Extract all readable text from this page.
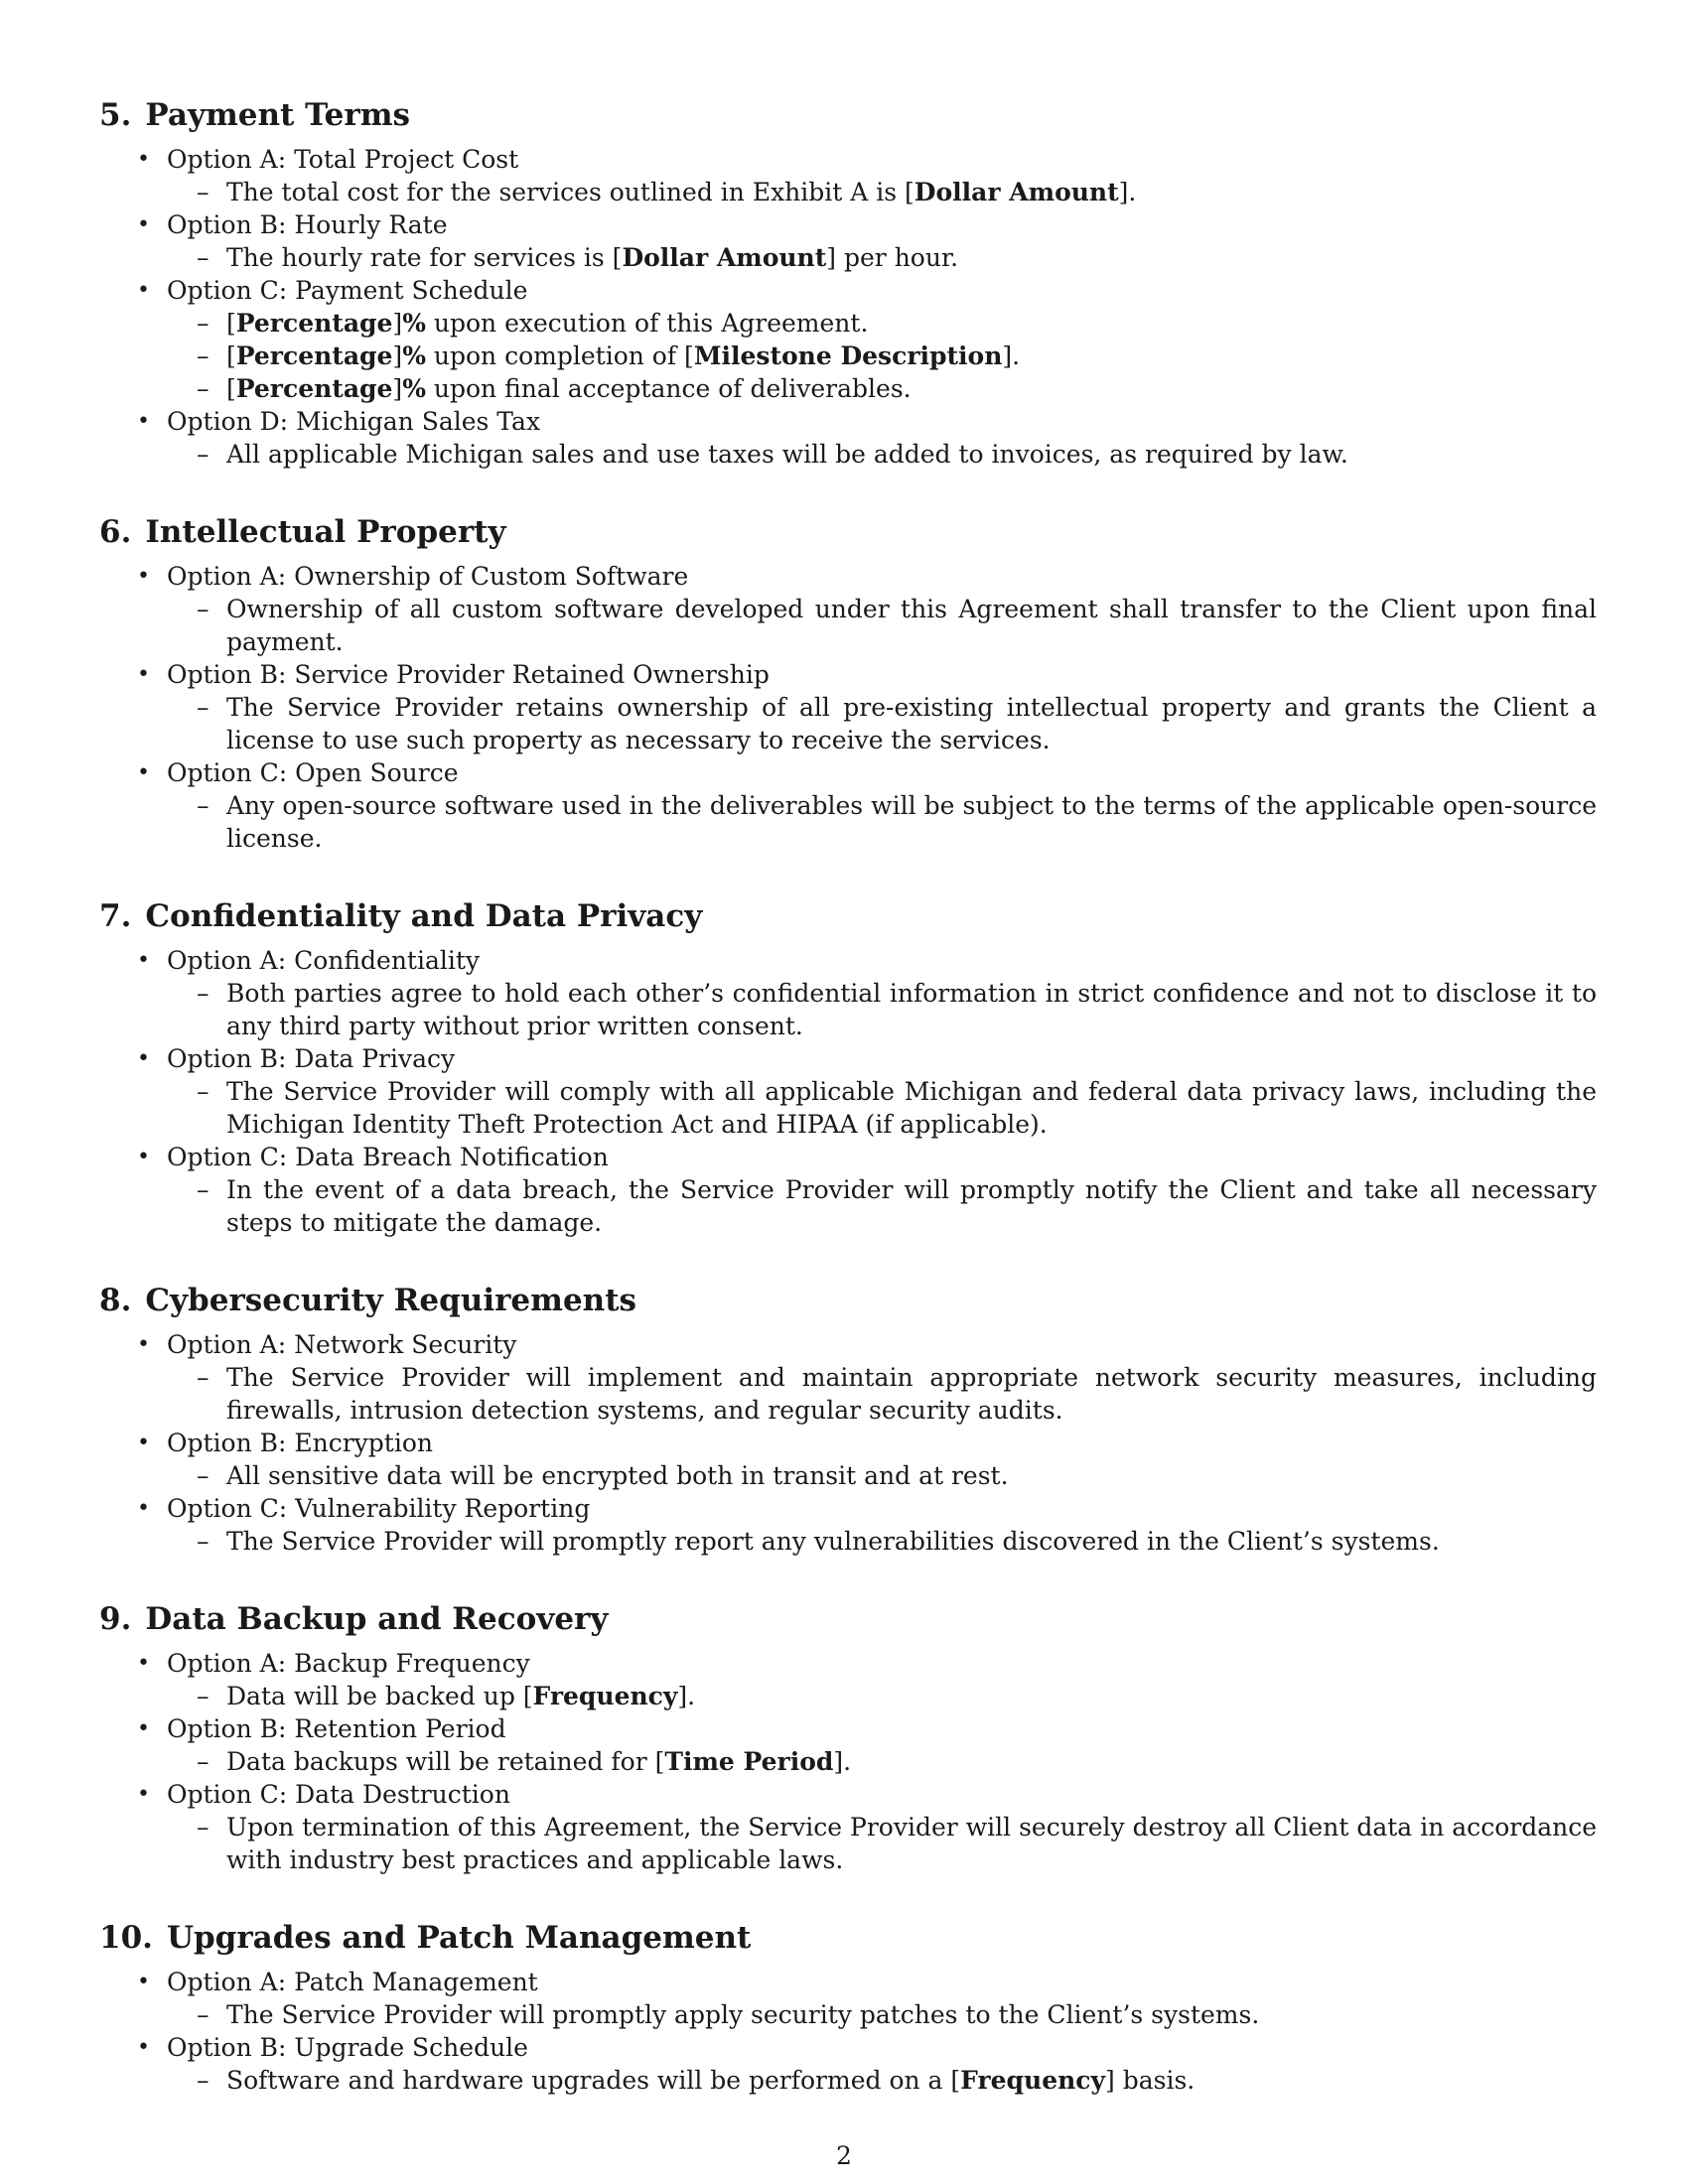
5. Payment Terms
• Option A: Total Project Cost
– The total cost for the services outlined in Exhibit A is [Dollar Amount].
• Option B: Hourly Rate
– The hourly rate for services is [Dollar Amount] per hour.
• Option C: Payment Schedule
– [Percentage]% upon execution of this Agreement.
– [Percentage]% upon completion of [Milestone Description].
– [Percentage]% upon final acceptance of deliverables.
• Option D: Michigan Sales Tax
– All applicable Michigan sales and use taxes will be added to invoices, as required by law.
6. Intellectual Property
• Option A: Ownership of Custom Software
– Ownership of all custom software developed under this Agreement shall transfer to the Client upon final payment.
• Option B: Service Provider Retained Ownership
– The Service Provider retains ownership of all pre-existing intellectual property and grants the Client a license to use such property as necessary to receive the services.
• Option C: Open Source
– Any open-source software used in the deliverables will be subject to the terms of the applicable open-source license.
7. Confidentiality and Data Privacy
• Option A: Confidentiality
– Both parties agree to hold each other’s confidential information in strict confidence and not to disclose it to any third party without prior written consent.
• Option B: Data Privacy
– The Service Provider will comply with all applicable Michigan and federal data privacy laws, including the Michigan Identity Theft Protection Act and HIPAA (if applicable).
• Option C: Data Breach Notification
– In the event of a data breach, the Service Provider will promptly notify the Client and take all necessary steps to mitigate the damage.
8. Cybersecurity Requirements
• Option A: Network Security
– The Service Provider will implement and maintain appropriate network security measures, including firewalls, intrusion detection systems, and regular security audits.
• Option B: Encryption
– All sensitive data will be encrypted both in transit and at rest.
• Option C: Vulnerability Reporting
– The Service Provider will promptly report any vulnerabilities discovered in the Client’s systems.
9. Data Backup and Recovery
• Option A: Backup Frequency
– Data will be backed up [Frequency].
• Option B: Retention Period
– Data backups will be retained for [Time Period].
• Option C: Data Destruction
– Upon termination of this Agreement, the Service Provider will securely destroy all Client data in accordance with industry best practices and applicable laws.
10. Upgrades and Patch Management
• Option A: Patch Management
– The Service Provider will promptly apply security patches to the Client’s systems.
• Option B: Upgrade Schedule
– Software and hardware upgrades will be performed on a [Frequency] basis.
2
